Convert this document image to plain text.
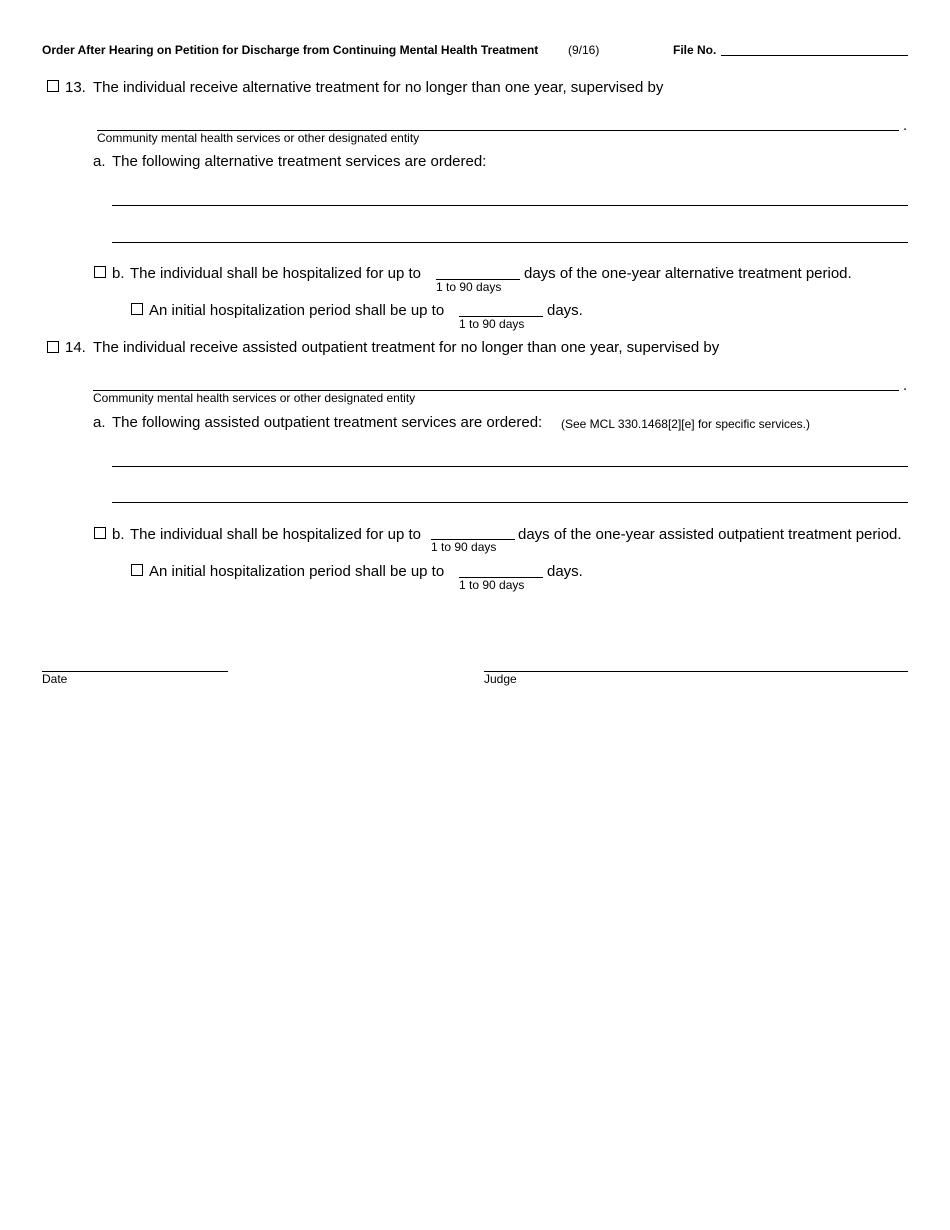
Order After Hearing on Petition for Discharge from Continuing Mental Health Treatment (9/16)	File No.
13. The individual receive alternative treatment for no longer than one year, supervised by
.
Community mental health services or other designated entity
a. The following alternative treatment services are ordered:
b. The individual shall be hospitalized for up to
1 to 90 days
days of the one-year alternative treatment period.
An initial hospitalization period shall be up to
1 to 90 days
days.
14. The individual receive assisted outpatient treatment for no longer than one year, supervised by
.
Community mental health services or other designated entity
a. The following assisted outpatient treatment services are ordered: (See MCL 330.1468[2][e] for specific services.)
b. The individual shall be hospitalized for up to
1 to 90 days
days of the one-year assisted outpatient treatment period.
An initial hospitalization period shall be up to
1 to 90 days
days.
Date	Judge
